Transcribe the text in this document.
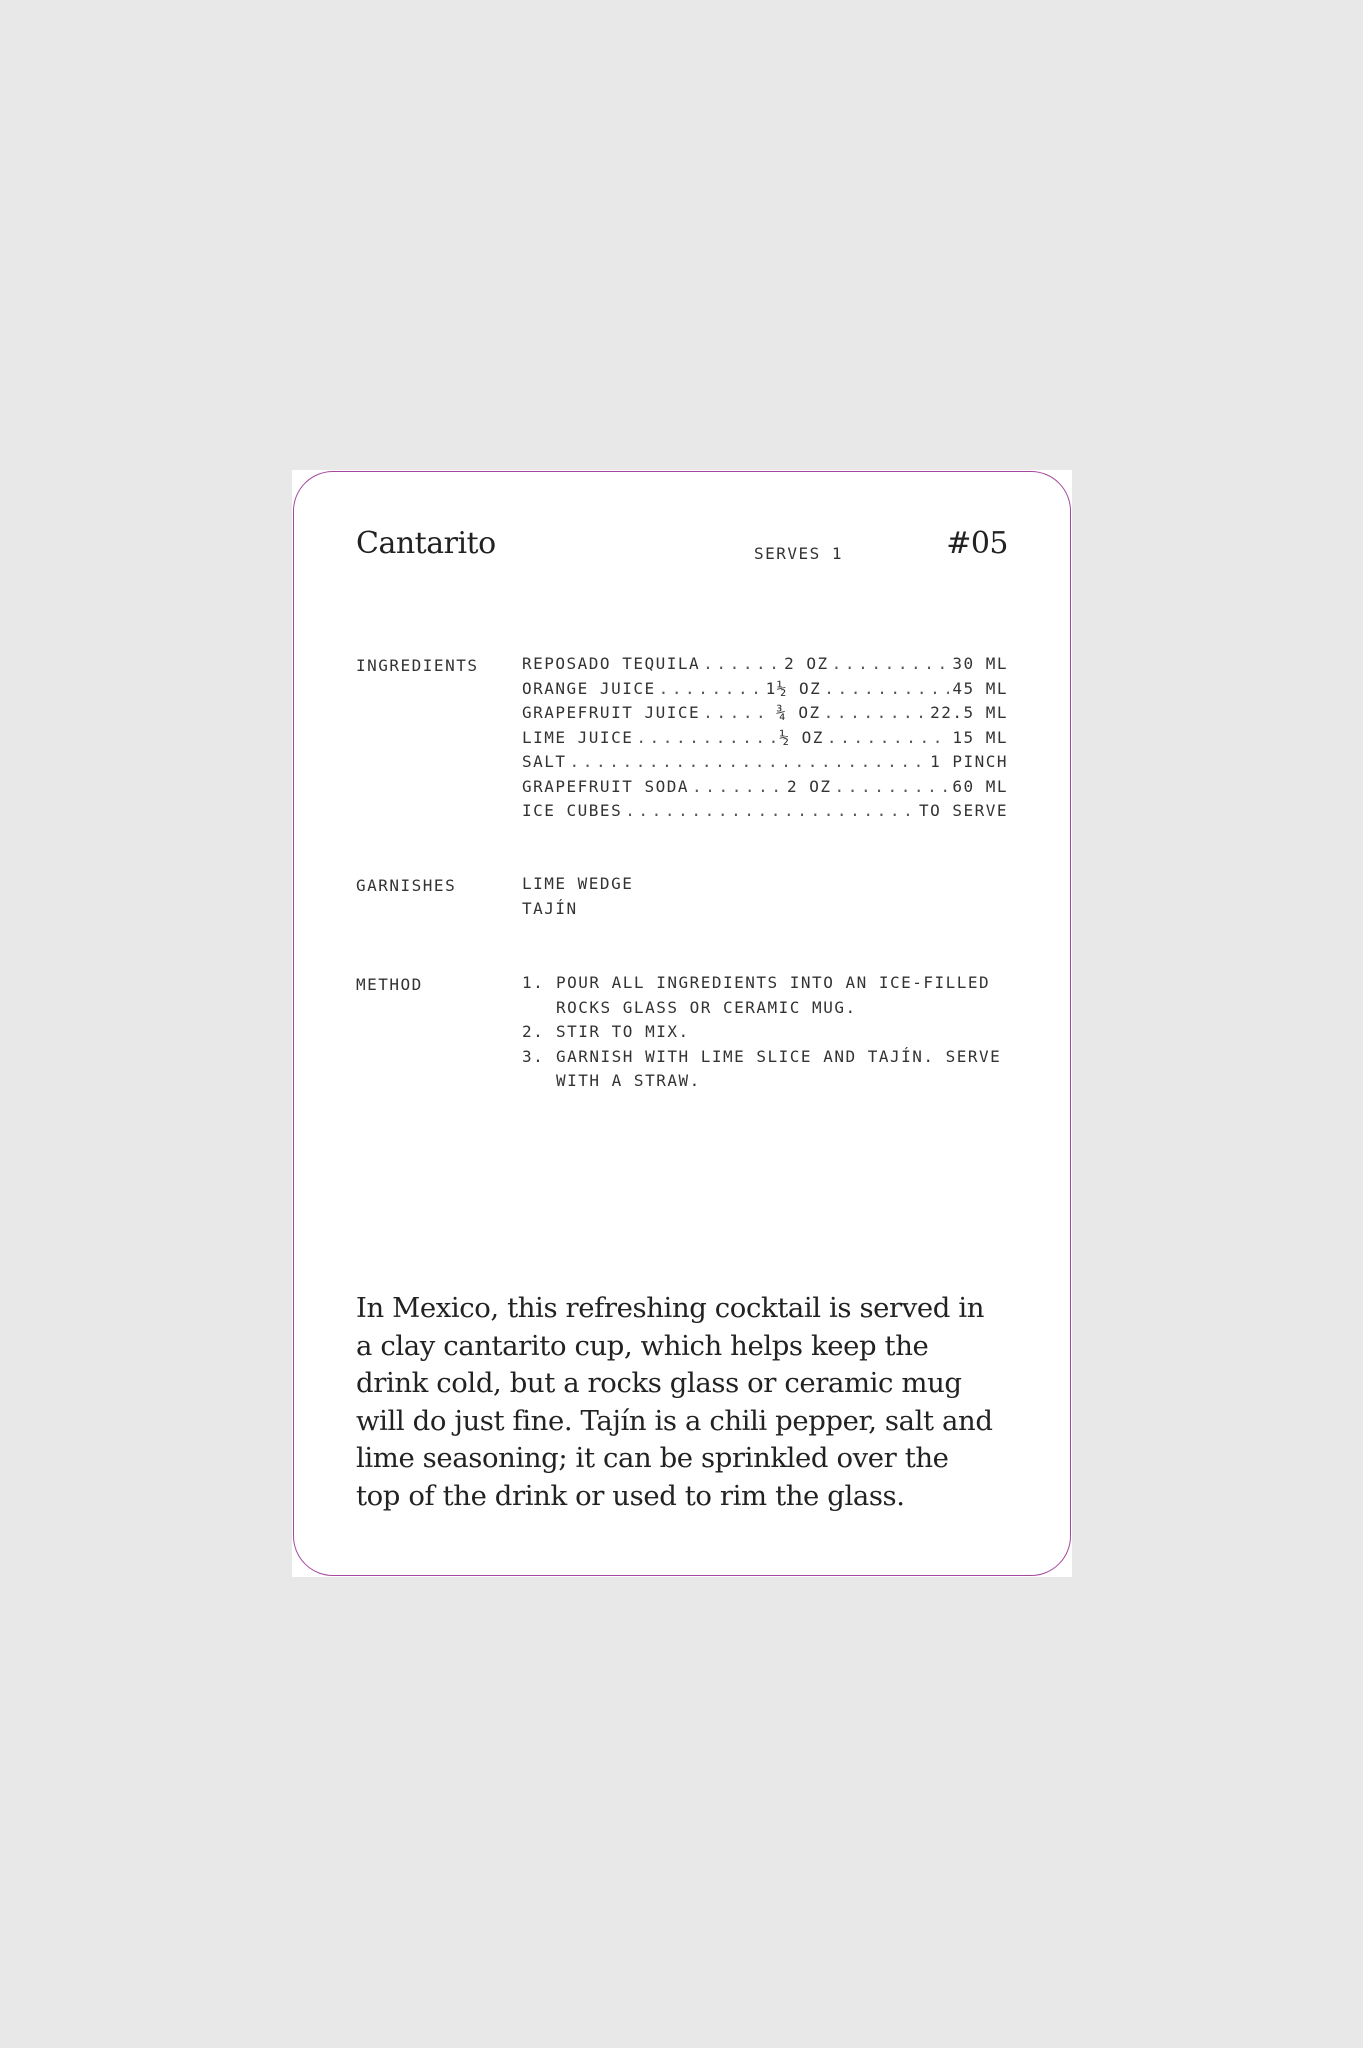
Cantarito	SERVES 1	#05
INGREDIENTS	REPOSADO TEQUILA .....	2 OZ .....	30 ML
ORANGE JUICE .....	1½ OZ .....	45 ML
GRAPEFRUIT JUICE .....	¾ OZ .....	22.5 ML
LIME JUICE .....	½ OZ .....	15 ML
SALT .....	1 PINCH
GRAPEFRUIT SODA .....	2 OZ .....	60 ML
ICE CUBES .....	TO SERVE
GARNISHES	LIME WEDGE
TAJÍN
METHOD	1. POUR ALL INGREDIENTS INTO AN ICE-FILLED ROCKS GLASS OR CERAMIC MUG.
2. STIR TO MIX.
3. GARNISH WITH LIME SLICE AND TAJÍN. SERVE WITH A STRAW.

In Mexico, this refreshing cocktail is served in a clay cantarito cup, which helps keep the drink cold, but a rocks glass or ceramic mug will do just fine. Tajín is a chili pepper, salt and lime seasoning; it can be sprinkled over the top of the drink or used to rim the glass.
